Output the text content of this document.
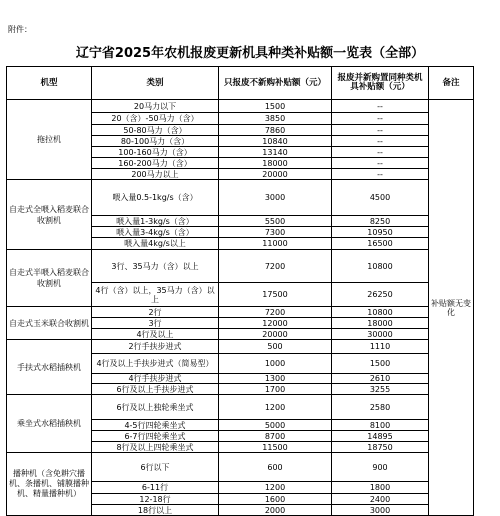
附件：
辽宁省2025年农机报废更新机具种类补贴额一览表（全部）
机型	类别	只报废不新购补贴额（元）	报废并新购置同种类机具补贴额（元）	备注
拖拉机	20马力以下	1500	--	补贴额无变化
	20（含）-50马力（含）	3850	--	
	50-80马力（含）	7860	--	
	80-100马力（含）	10840	--	
	100-160马力（含）	13140	--	
	160-200马力（含）	18000	--	
	200马力以上	20000	--	
自走式全喂入稻麦联合收割机	喂入量0.5-1kg/s（含）	3000	4500	
	喂入量1-3kg/s（含）	5500	8250	
	喂入量3-4kg/s（含）	7300	10950	
	喂入量4kg/s以上	11000	16500	
自走式半喂入稻麦联合收割机	3行、35马力（含）以上	7200	10800	
	4行（含）以上，35马力（含）以上	17500	26250	
自走式玉米联合收割机	2行	7200	10800	
	3行	12000	18000	
	4行及以上	20000	30000	
手扶式水稻插秧机	2行手扶步进式	500	1110	
	4行及以上手扶步进式（简易型）	1000	1500	
	4行手扶步进式	1300	2610	
	6行及以上手扶步进式	1700	3255	
乘坐式水稻插秧机	6行及以上独轮乘坐式	1200	2580	
	4-5行四轮乘坐式	5000	8100	
	6-7行四轮乘坐式	8700	14895	
	8行及以上四轮乘坐式	11500	18750	
播种机（含免耕穴播机、条播机、铺膜播种机、精量播种机）	6行以下	600	900	
	6-11行	1200	1800	
	12-18行	1600	2400	
	18行以上	2000	3000	
